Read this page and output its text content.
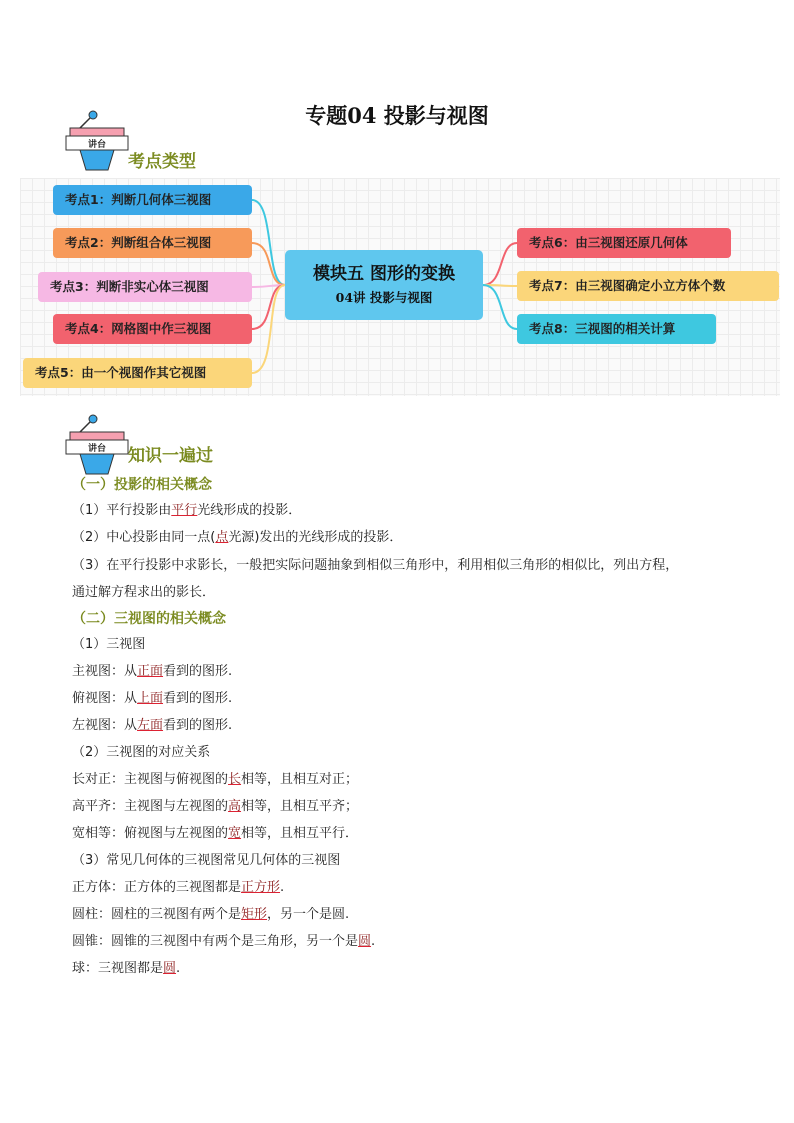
专题04 投影与视图
讲台
考点类型
考点1：判断几何体三视图
考点2：判断组合体三视图
考点3：判断非实心体三视图
考点4：网格图中作三视图
考点5：由一个视图作其它视图
模块五 图形的变换
04讲 投影与视图
考点6：由三视图还原几何体
考点7：由三视图确定小立方体个数
考点8：三视图的相关计算
讲台	知识一遍过
（一）投影的相关概念
（1）平行投影由平行光线形成的投影．
（2）中心投影由同一点(点光源)发出的光线形成的投影．
（3）在平行投影中求影长，一般把实际问题抽象到相似三角形中，利用相似三角形的相似比，列出方程，
通过解方程求出的影长．
（二）三视图的相关概念
（1）三视图
主视图：从正面看到的图形.
俯视图：从上面看到的图形.
左视图：从左面看到的图形.
（2）三视图的对应关系
长对正：主视图与俯视图的长相等，且相互对正；
高平齐：主视图与左视图的高相等，且相互平齐；
宽相等：俯视图与左视图的宽相等，且相互平行．
（3）常见几何体的三视图常见几何体的三视图
正方体：正方体的三视图都是正方形.
圆柱：圆柱的三视图有两个是矩形，另一个是圆.
圆锥：圆锥的三视图中有两个是三角形，另一个是圆.
球：三视图都是圆.
